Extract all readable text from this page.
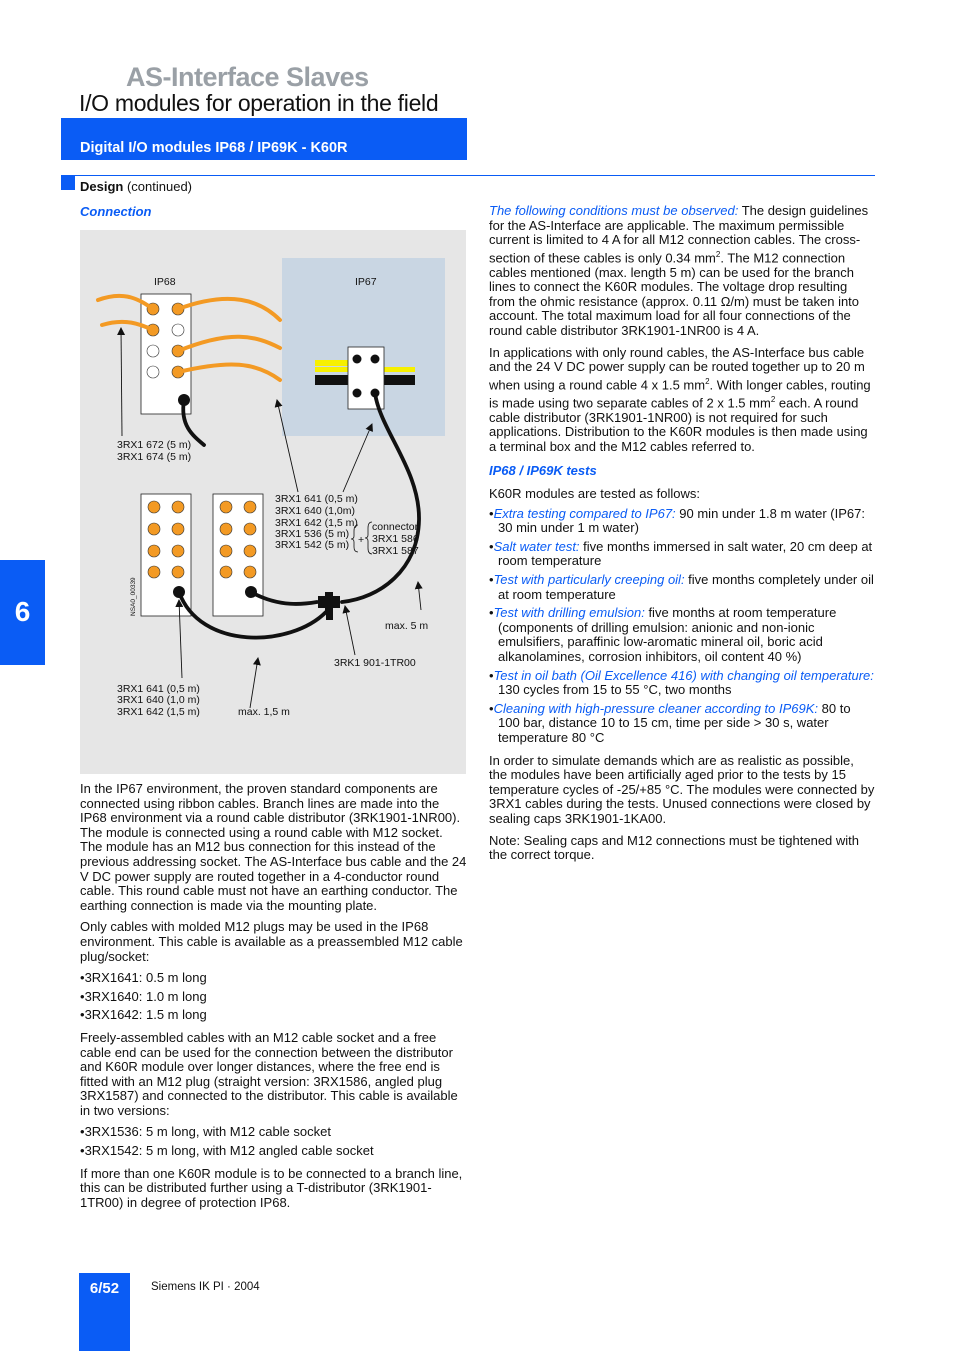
AS-Interface Slaves
I/O modules for operation in the field
Digital I/O modules IP68 / IP69K - K60R
Design (continued)
Connection
IP68	IP67
NSA0_00339
3RX1 672 (5 m)
3RX1 674 (5 m)
3RX1 641 (0,5 m)
3RX1 640 (1,0m)
3RX1 642 (1,5 m)
3RX1 536 (5 m)
3RX1 542 (5 m) +
connector
3RX1 586
3RX1 587
max. 5 m
3RK1 901-1TR00
3RX1 641 (0,5 m)
3RX1 640 (1,0 m)
3RX1 642 (1,5 m)	max. 1,5 m

In the IP67 environment, the proven standard components are connected using ribbon cables. Branch lines are made into the IP68 environment via a round cable distributor (3RK1901-1NR00). The module is connected using a round cable with M12 socket. The module has an M12 bus connection for this instead of the previous addressing socket. The AS-Interface bus cable and the 24 V DC power supply are routed together in a 4-conductor round cable. This round cable must not have an earthing conductor. The earthing connection is made via the mounting plate.

Only cables with molded M12 plugs may be used in the IP68 environment. This cable is available as a preassembled M12 cable plug/socket:

•3RX1641: 0.5 m long

•3RX1640: 1.0 m long

•3RX1642: 1.5 m long

Freely-assembled cables with an M12 cable socket and a free cable end can be used for the connection between the distributor and K60R module over longer distances, where the free end is fitted with an M12 plug (straight version: 3RX1586, angled plug 3RX1587) and connected to the distributor. This cable is available in two versions:

•3RX1536: 5 m long, with M12 cable socket

•3RX1542: 5 m long, with M12 angled cable socket

If more than one K60R module is to be connected to a branch line, this can be distributed further using a T-distributor (3RK1901-1TR00) in degree of protection IP68.

The following conditions must be observed: The design guidelines for the AS-Interface are applicable. The maximum permissible current is limited to 4 A for all M12 connection cables. The cross-section of these cables is only 0.34 $mm^2$. The M12 connection cables mentioned (max. length 5 m) can be used for the branch lines to connect the K60R modules. The voltage drop resulting from the ohmic resistance (approx. 0.11 Ω/m) must be taken into account. The total maximum load for all four connections of the round cable distributor 3RK1901-1NR00 is 4 A.

In applications with only round cables, the AS-Interface bus cable and the 24 V DC power supply can be routed together up to 20 m when using a round cable 4 x 1.5 $mm^2$. With longer cables, routing is made using two separate cables of 2 x 1.5 $mm^2$ each. A round cable distributor (3RK1901-1NR00) is not required for such applications. Distribution to the K60R modules is then made using a terminal box and the M12 cables referred to.

IP68 / IP69K tests

K60R modules are tested as follows:

•Extra testing compared to IP67: 90 min under 1.8 m water (IP67: 30 min under 1 m water)

•Salt water test: five months immersed in salt water, 20 cm deep at room temperature

•Test with particularly creeping oil: five months completely under oil at room temperature

•Test with drilling emulsion: five months at room temperature (components of drilling emulsion: anionic and non-ionic emulsifiers, paraffinic low-aromatic mineral oil, boric acid alkanolamines, corrosion inhibitors, oil content 40 %)

•Test in oil bath (Oil Excellence 416) with changing oil temperature: 130 cycles from 15 to 55 °C, two months

•Cleaning with high-pressure cleaner according to IP69K: 80 to 100 bar, distance 10 to 15 cm, time per side > 30 s, water temperature 80 °C

In order to simulate demands which are as realistic as possible, the modules have been artificially aged prior to the tests by 15 temperature cycles of -25/+85 °C. The modules were connected by 3RX1 cables during the tests. Unused connections were closed by sealing caps 3RK1901-1KA00.

Note: Sealing caps and M12 connections must be tightened with the correct torque.

6
6/52	Siemens IK PI · 2004
